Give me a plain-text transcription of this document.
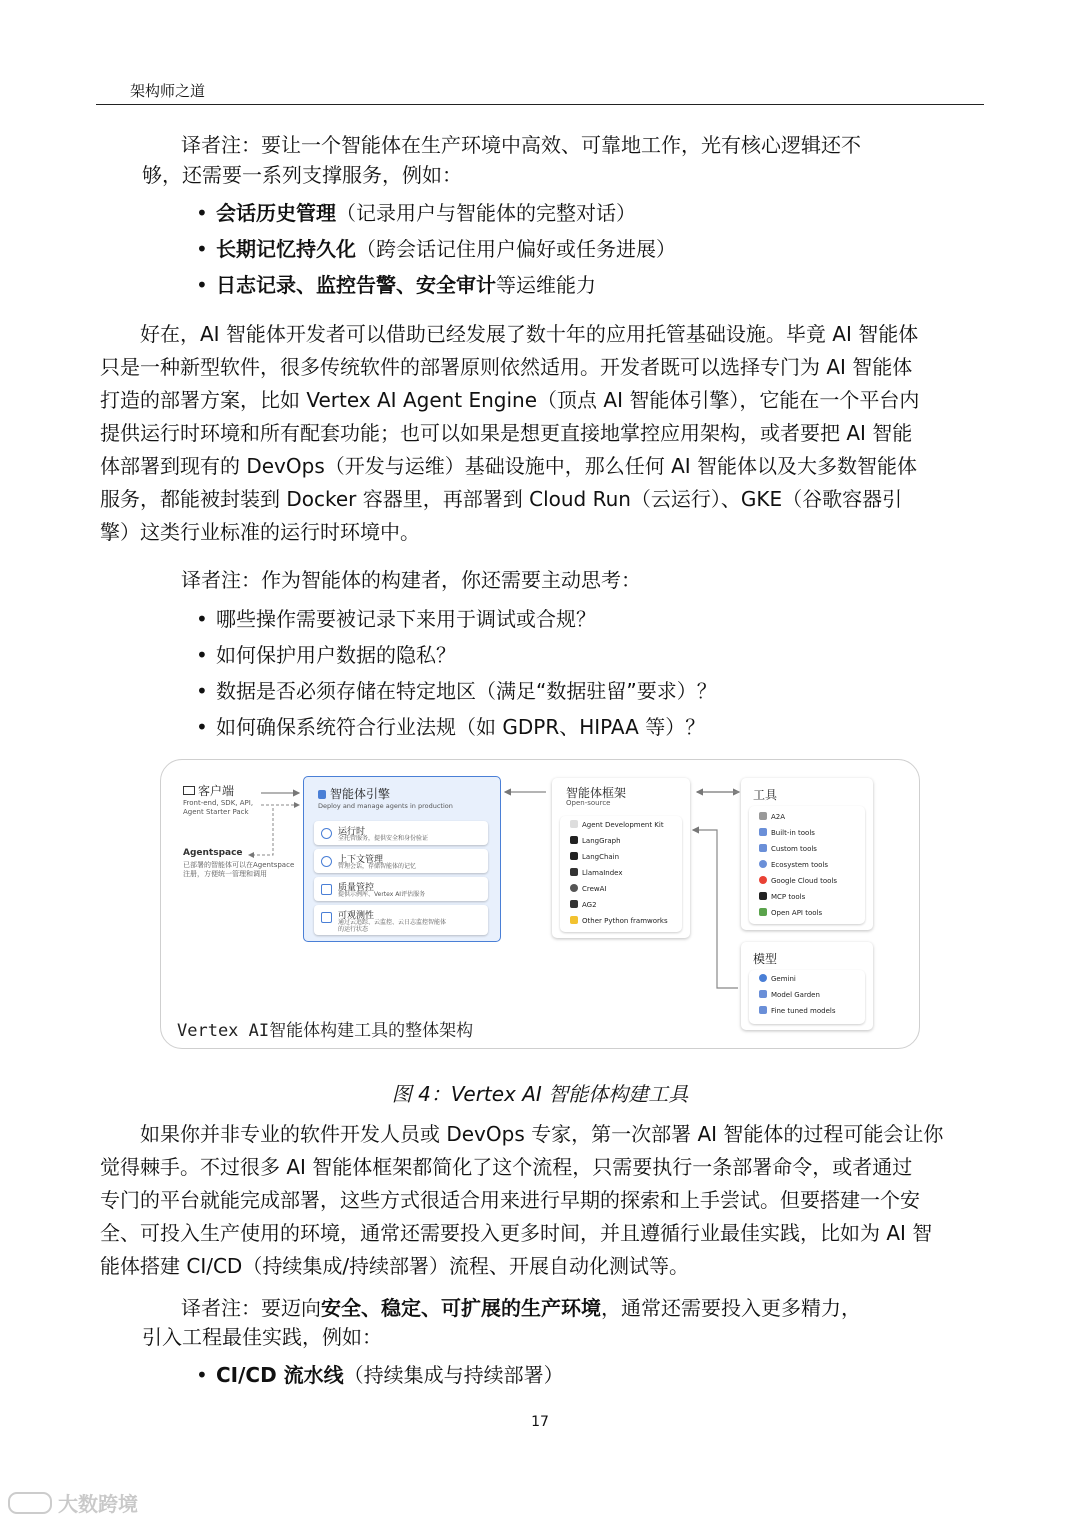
架构师之道

译者注：要让一个智能体在生产环境中高效、可靠地工作，光有核心逻辑还不

够，还需要一系列支撑服务，例如：

• 会话历史管理（记录用户与智能体的完整对话）
• 长期记忆持久化（跨会话记住用户偏好或任务进展）
• 日志记录、监控告警、安全审计等运维能力

好在，AI 智能体开发者可以借助已经发展了数十年的应用托管基础设施。毕竟 AI 智能体

只是一种新型软件，很多传统软件的部署原则依然适用。开发者既可以选择专门为 AI 智能体

打造的部署方案，比如 Vertex AI Agent Engine（顶点 AI 智能体引擎），它能在一个平台内

提供运行时环境和所有配套功能；也可以如果是想更直接地掌控应用架构，或者要把 AI 智能

体部署到现有的 DevOps（开发与运维）基础设施中，那么任何 AI 智能体以及大多数智能体

服务，都能被封装到 Docker 容器里，再部署到 Cloud Run（云运行）、GKE（谷歌容器引

擎）这类行业标准的运行时环境中。

译者注：作为智能体的构建者，你还需要主动思考：

• 哪些操作需要被记录下来用于调试或合规？
• 如何保护用户数据的隐私？
• 数据是否必须存储在特定地区（满足“数据驻留”要求）？
• 如何确保系统符合行业法规（如 GDPR、HIPAA 等）？
客户端
Front-end, SDK, API,
Agent Starter Pack
Agentspace
已部署的智能体可以在Agentspace
注册，方便统一管理和调用
智能体引擎
Deploy and manage agents in production
运行时
全托管服务，提供安全和身份验证
上下文管理
管理会话，存储智能体的记忆
质量管控
提供示例库、Vertex AI评估服务
可观测性
通过云追踪、云监控、云日志监控智能体
的运行状态
智能体框架
Open-source
Agent Development Kit
LangGraph
LangChain
LlamaIndex
CrewAI
AG2
Other Python framworks
工具
A2A
Built-in tools
Custom tools
Ecosystem tools
Google Cloud tools
MCP tools
Open API tools
模型
Gemini
Model Garden
Fine tuned models
Vertex AI智能体构建工具的整体架构
图 4：Vertex AI 智能体构建工具

如果你并非专业的软件开发人员或 DevOps 专家，第一次部署 AI 智能体的过程可能会让你

觉得棘手。不过很多 AI 智能体框架都简化了这个流程，只需要执行一条部署命令，或者通过

专门的平台就能完成部署，这些方式很适合用来进行早期的探索和上手尝试。但要搭建一个安

全、可投入生产使用的环境，通常还需要投入更多时间，并且遵循行业最佳实践，比如为 AI 智

能体搭建 CI/CD（持续集成/持续部署）流程、开展自动化测试等。

译者注：要迈向安全、稳定、可扩展的生产环境，通常还需要投入更多精力，

引入工程最佳实践，例如：

• CI/CD 流水线（持续集成与持续部署）
17
大数跨境
